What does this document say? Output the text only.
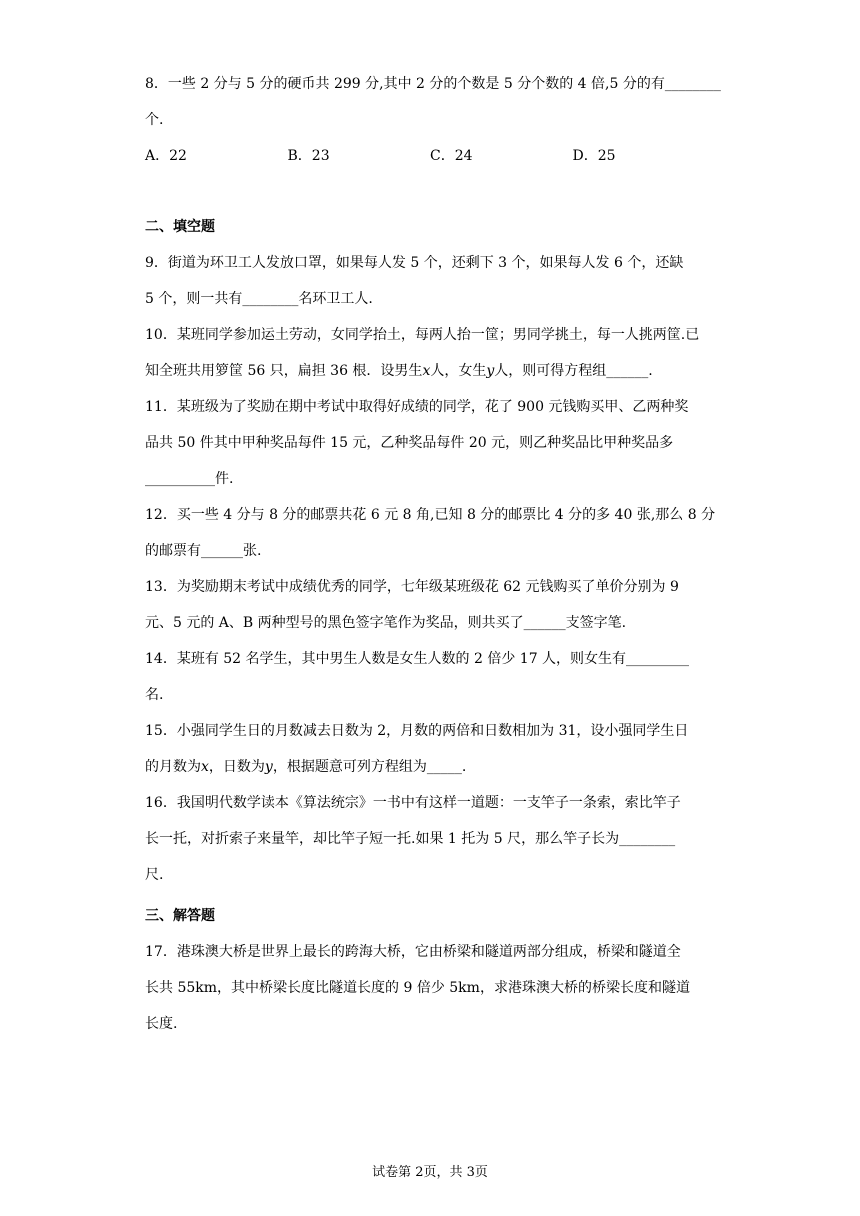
8．一些 2 分与 5 分的硬币共 299 分,其中 2 分的个数是 5 分个数的 4 倍,5 分的有________
个.
A．22	B．23	C．24	D．25
二、填空题
9．街道为环卫工人发放口罩，如果每人发 5 个，还剩下 3 个，如果每人发 6 个，还缺
5 个，则一共有________名环卫工人.
10．某班同学参加运土劳动，女同学抬土，每两人抬一筐；男同学挑土，每一人挑两筐.已
知全班共用箩筐 56 只，扁担 36 根．设男生x人，女生y人，则可得方程组______.
11．某班级为了奖励在期中考试中取得好成绩的同学，花了 900 元钱购买甲、乙两种奖
品共 50 件其中甲种奖品每件 15 元，乙种奖品每件 20 元，则乙种奖品比甲种奖品多
__________件.
12．买一些 4 分与 8 分的邮票共花 6 元 8 角,已知 8 分的邮票比 4 分的多 40 张,那么 8 分
的邮票有______张.
13．为奖励期末考试中成绩优秀的同学，七年级某班级花 62 元钱购买了单价分别为 9
元、5 元的 A、B 两种型号的黑色签字笔作为奖品，则共买了______支签字笔.
14．某班有 52 名学生，其中男生人数是女生人数的 2 倍少 17 人，则女生有_________
名.
15．小强同学生日的月数减去日数为 2，月数的两倍和日数相加为 31，设小强同学生日
的月数为x，日数为y，根据题意可列方程组为_____.
16．我国明代数学读本《算法统宗》一书中有这样一道题：一支竿子一条索，索比竿子
长一托，对折索子来量竿，却比竿子短一托.如果 1 托为 5 尺，那么竿子长为________
尺.
三、解答题
17．港珠澳大桥是世界上最长的跨海大桥，它由桥梁和隧道两部分组成，桥梁和隧道全
长共 55km，其中桥梁长度比隧道长度的 9 倍少 5km，求港珠澳大桥的桥梁长度和隧道
长度.
试卷第 2页，共 3页
